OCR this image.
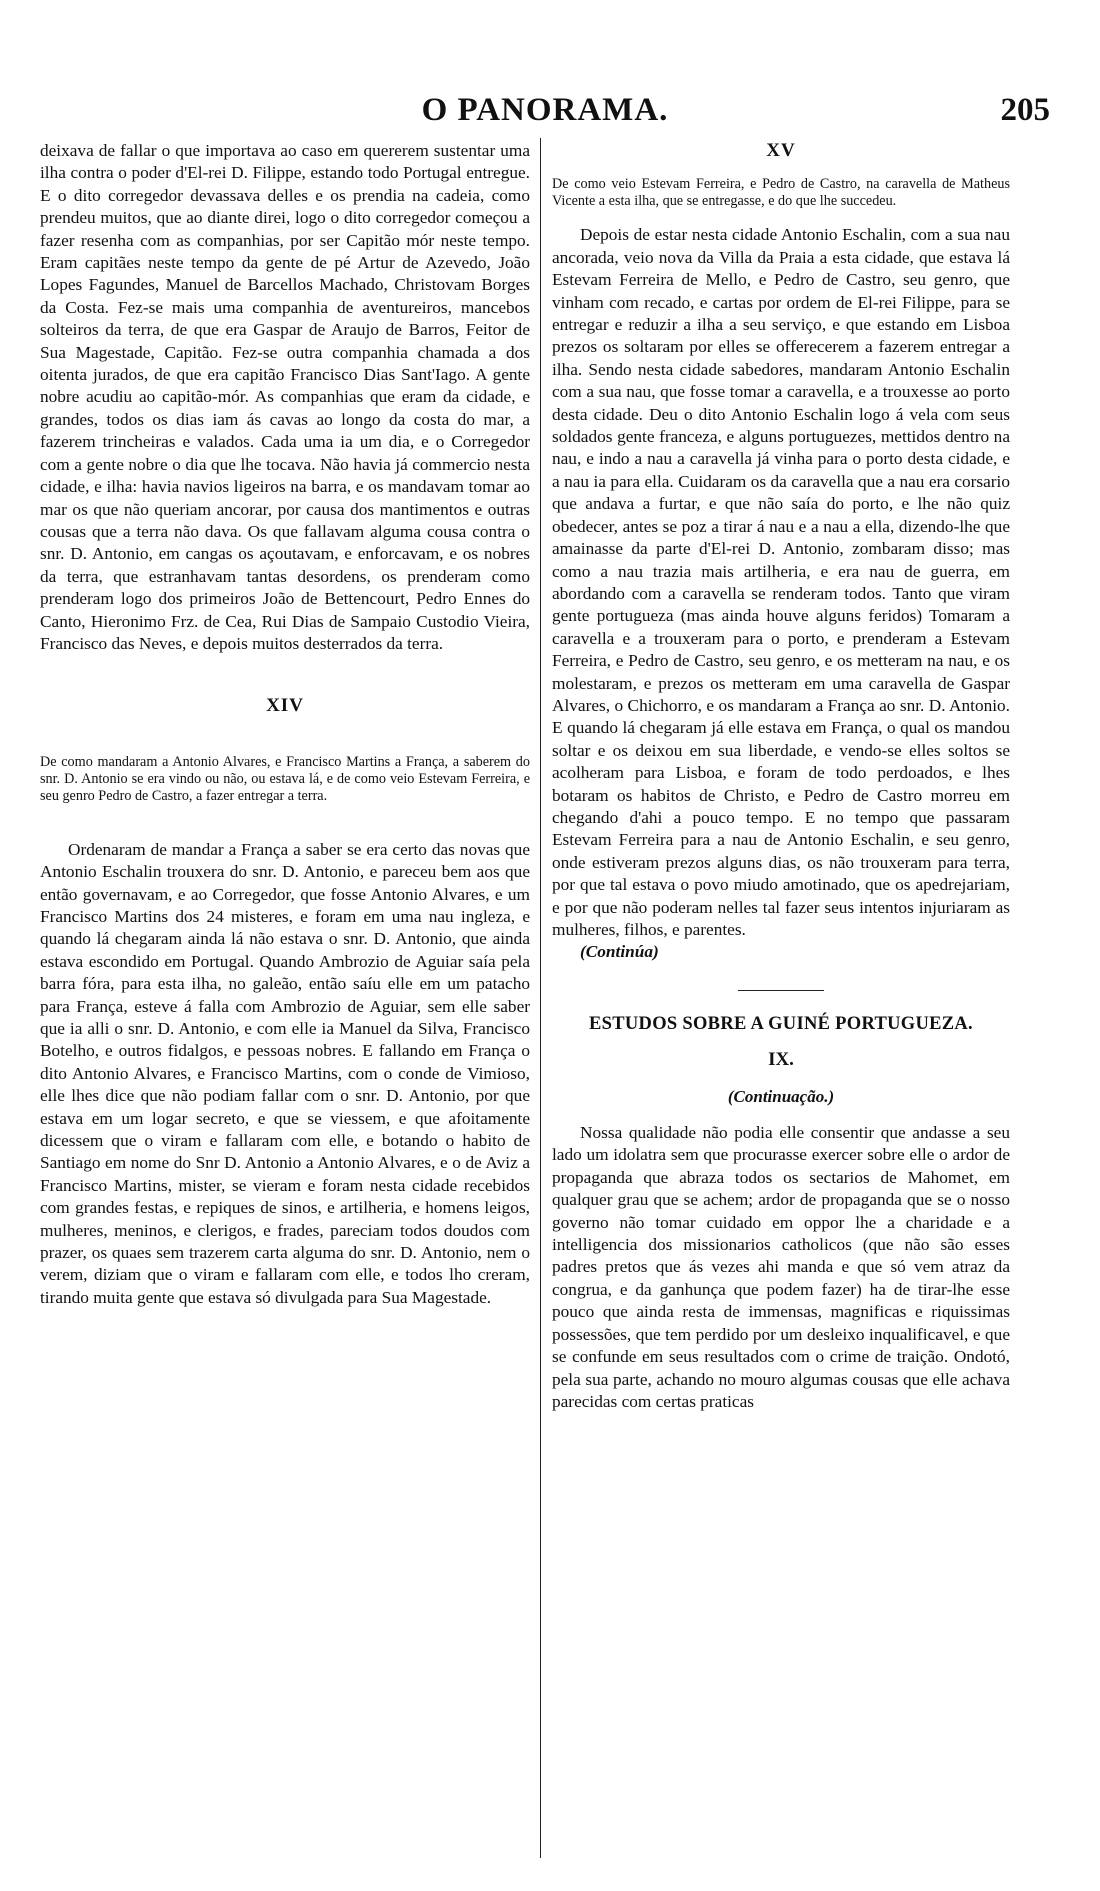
O PANORAMA.	205

deixava de fallar o que importava ao caso em quererem sustentar uma ilha contra o poder d'El-rei D. Filippe, estando todo Portugal entregue. E o dito corregedor devassava delles e os prendia na cadeia, como prendeu muitos, que ao diante direi, logo o dito corregedor começou a fazer resenha com as companhias, por ser Capitão mór neste tempo. Eram capitães neste tempo da gente de pé Artur de Azevedo, João Lopes Fagundes, Manuel de Barcellos Machado, Christovam Borges da Costa. Fez-se mais uma companhia de aventureiros, mancebos solteiros da terra, de que era Gaspar de Araujo de Barros, Feitor de Sua Magestade, Capitão. Fez-se outra companhia chamada a dos oitenta jurados, de que era capitão Francisco Dias Sant'Iago. A gente nobre acudiu ao capitão-mór. As companhias que eram da cidade, e grandes, todos os dias iam ás cavas ao longo da costa do mar, a fazerem trincheiras e valados. Cada uma ia um dia, e o Corregedor com a gente nobre o dia que lhe tocava. Não havia já commercio nesta cidade, e ilha: havia navios ligeiros na barra, e os mandavam tomar ao mar os que não queriam ancorar, por causa dos mantimentos e outras cousas que a terra não dava. Os que fallavam alguma cousa contra o snr. D. Antonio, em cangas os açoutavam, e enforcavam, e os nobres da terra, que estranhavam tantas desordens, os prenderam como prenderam logo dos primeiros João de Bettencourt, Pedro Ennes do Canto, Hieronimo Frz. de Cea, Rui Dias de Sampaio Custodio Vieira, Francisco das Neves, e depois muitos desterrados da terra.

XIV

De como mandaram a Antonio Alvares, e Francisco Martins a França, a saberem do snr. D. Antonio se era vindo ou não, ou estava lá, e de como veio Estevam Ferreira, e seu genro Pedro de Castro, a fazer entregar a terra.

Ordenaram de mandar a França a saber se era certo das novas que Antonio Eschalin trouxera do snr. D. Antonio, e pareceu bem aos que então governavam, e ao Corregedor, que fosse Antonio Alvares, e um Francisco Martins dos 24 misteres, e foram em uma nau ingleza, e quando lá chegaram ainda lá não estava o snr. D. Antonio, que ainda estava escondido em Portugal. Quando Ambrozio de Aguiar saía pela barra fóra, para esta ilha, no galeão, então saíu elle em um patacho para França, esteve á falla com Ambrozio de Aguiar, sem elle saber que ia alli o snr. D. Antonio, e com elle ia Manuel da Silva, Francisco Botelho, e outros fidalgos, e pessoas nobres. E fallando em França o dito Antonio Alvares, e Francisco Martins, com o conde de Vimioso, elle lhes dice que não podiam fallar com o snr. D. Antonio, por que estava em um logar secreto, e que se viessem, e que afoitamente dicessem que o viram e fallaram com elle, e botando o habito de Santiago em nome do Snr D. Antonio a Antonio Alvares, e o de Aviz a Francisco Martins, mister, se vieram e foram nesta cidade recebidos com grandes festas, e repiques de sinos, e artilheria, e homens leigos, mulheres, meninos, e clerigos, e frades, pareciam todos doudos com prazer, os quaes sem trazerem carta alguma do snr. D. Antonio, nem o verem, diziam que o viram e fallaram com elle, e todos lho creram, tirando muita gente que estava só divulgada para Sua Magestade.

XV

De como veio Estevam Ferreira, e Pedro de Castro, na caravella de Matheus Vicente a esta ilha, que se entregasse, e do que lhe succedeu.

Depois de estar nesta cidade Antonio Eschalin, com a sua nau ancorada, veio nova da Villa da Praia a esta cidade, que estava lá Estevam Ferreira de Mello, e Pedro de Castro, seu genro, que vinham com recado, e cartas por ordem de El-rei Filippe, para se entregar e reduzir a ilha a seu serviço, e que estando em Lisboa prezos os soltaram por elles se offerecerem a fazerem entregar a ilha. Sendo nesta cidade sabedores, mandaram Antonio Eschalin com a sua nau, que fosse tomar a caravella, e a trouxesse ao porto desta cidade. Deu o dito Antonio Eschalin logo á vela com seus soldados gente franceza, e alguns portuguezes, mettidos dentro na nau, e indo a nau a caravella já vinha para o porto desta cidade, e a nau ia para ella. Cuidaram os da caravella que a nau era corsario que andava a furtar, e que não saía do porto, e lhe não quiz obedecer, antes se poz a tirar á nau e a nau a ella, dizendo-lhe que amainasse da parte d'El-rei D. Antonio, zombaram disso; mas como a nau trazia mais artilheria, e era nau de guerra, em abordando com a caravella se renderam todos. Tanto que viram gente portugueza (mas ainda houve alguns feridos) Tomaram a caravella e a trouxeram para o porto, e prenderam a Estevam Ferreira, e Pedro de Castro, seu genro, e os metteram na nau, e os molestaram, e prezos os metteram em uma caravella de Gaspar Alvares, o Chichorro, e os mandaram a França ao snr. D. Antonio. E quando lá chegaram já elle estava em França, o qual os mandou soltar e os deixou em sua liberdade, e vendo-se elles soltos se acolheram para Lisboa, e foram de todo perdoados, e lhes botaram os habitos de Christo, e Pedro de Castro morreu em chegando d'ahi a pouco tempo. E no tempo que passaram Estevam Ferreira para a nau de Antonio Eschalin, e seu genro, onde estiveram prezos alguns dias, os não trouxeram para terra, por que tal estava o povo miudo amotinado, que os apedrejariam, e por que não poderam nelles tal fazer seus intentos injuriaram as mulheres, filhos, e parentes.

(Continúa)

ESTUDOS SOBRE A GUINÉ PORTUGUEZA.
IX.
(Continuação.)

Nossa qualidade não podia elle consentir que andasse a seu lado um idolatra sem que procurasse exercer sobre elle o ardor de propaganda que abraza todos os sectarios de Mahomet, em qualquer grau que se achem; ardor de propaganda que se o nosso governo não tomar cuidado em oppor lhe a charidade e a intelligencia dos missionarios catholicos (que não são esses padres pretos que ás vezes ahi manda e que só vem atraz da congrua, e da ganhunça que podem fazer) ha de tirar-lhe esse pouco que ainda resta de immensas, magnificas e riquissimas possessões, que tem perdido por um desleixo inqualificavel, e que se confunde em seus resultados com o crime de traição. Ondotó, pela sua parte, achando no mouro algumas cousas que elle achava parecidas com certas praticas
